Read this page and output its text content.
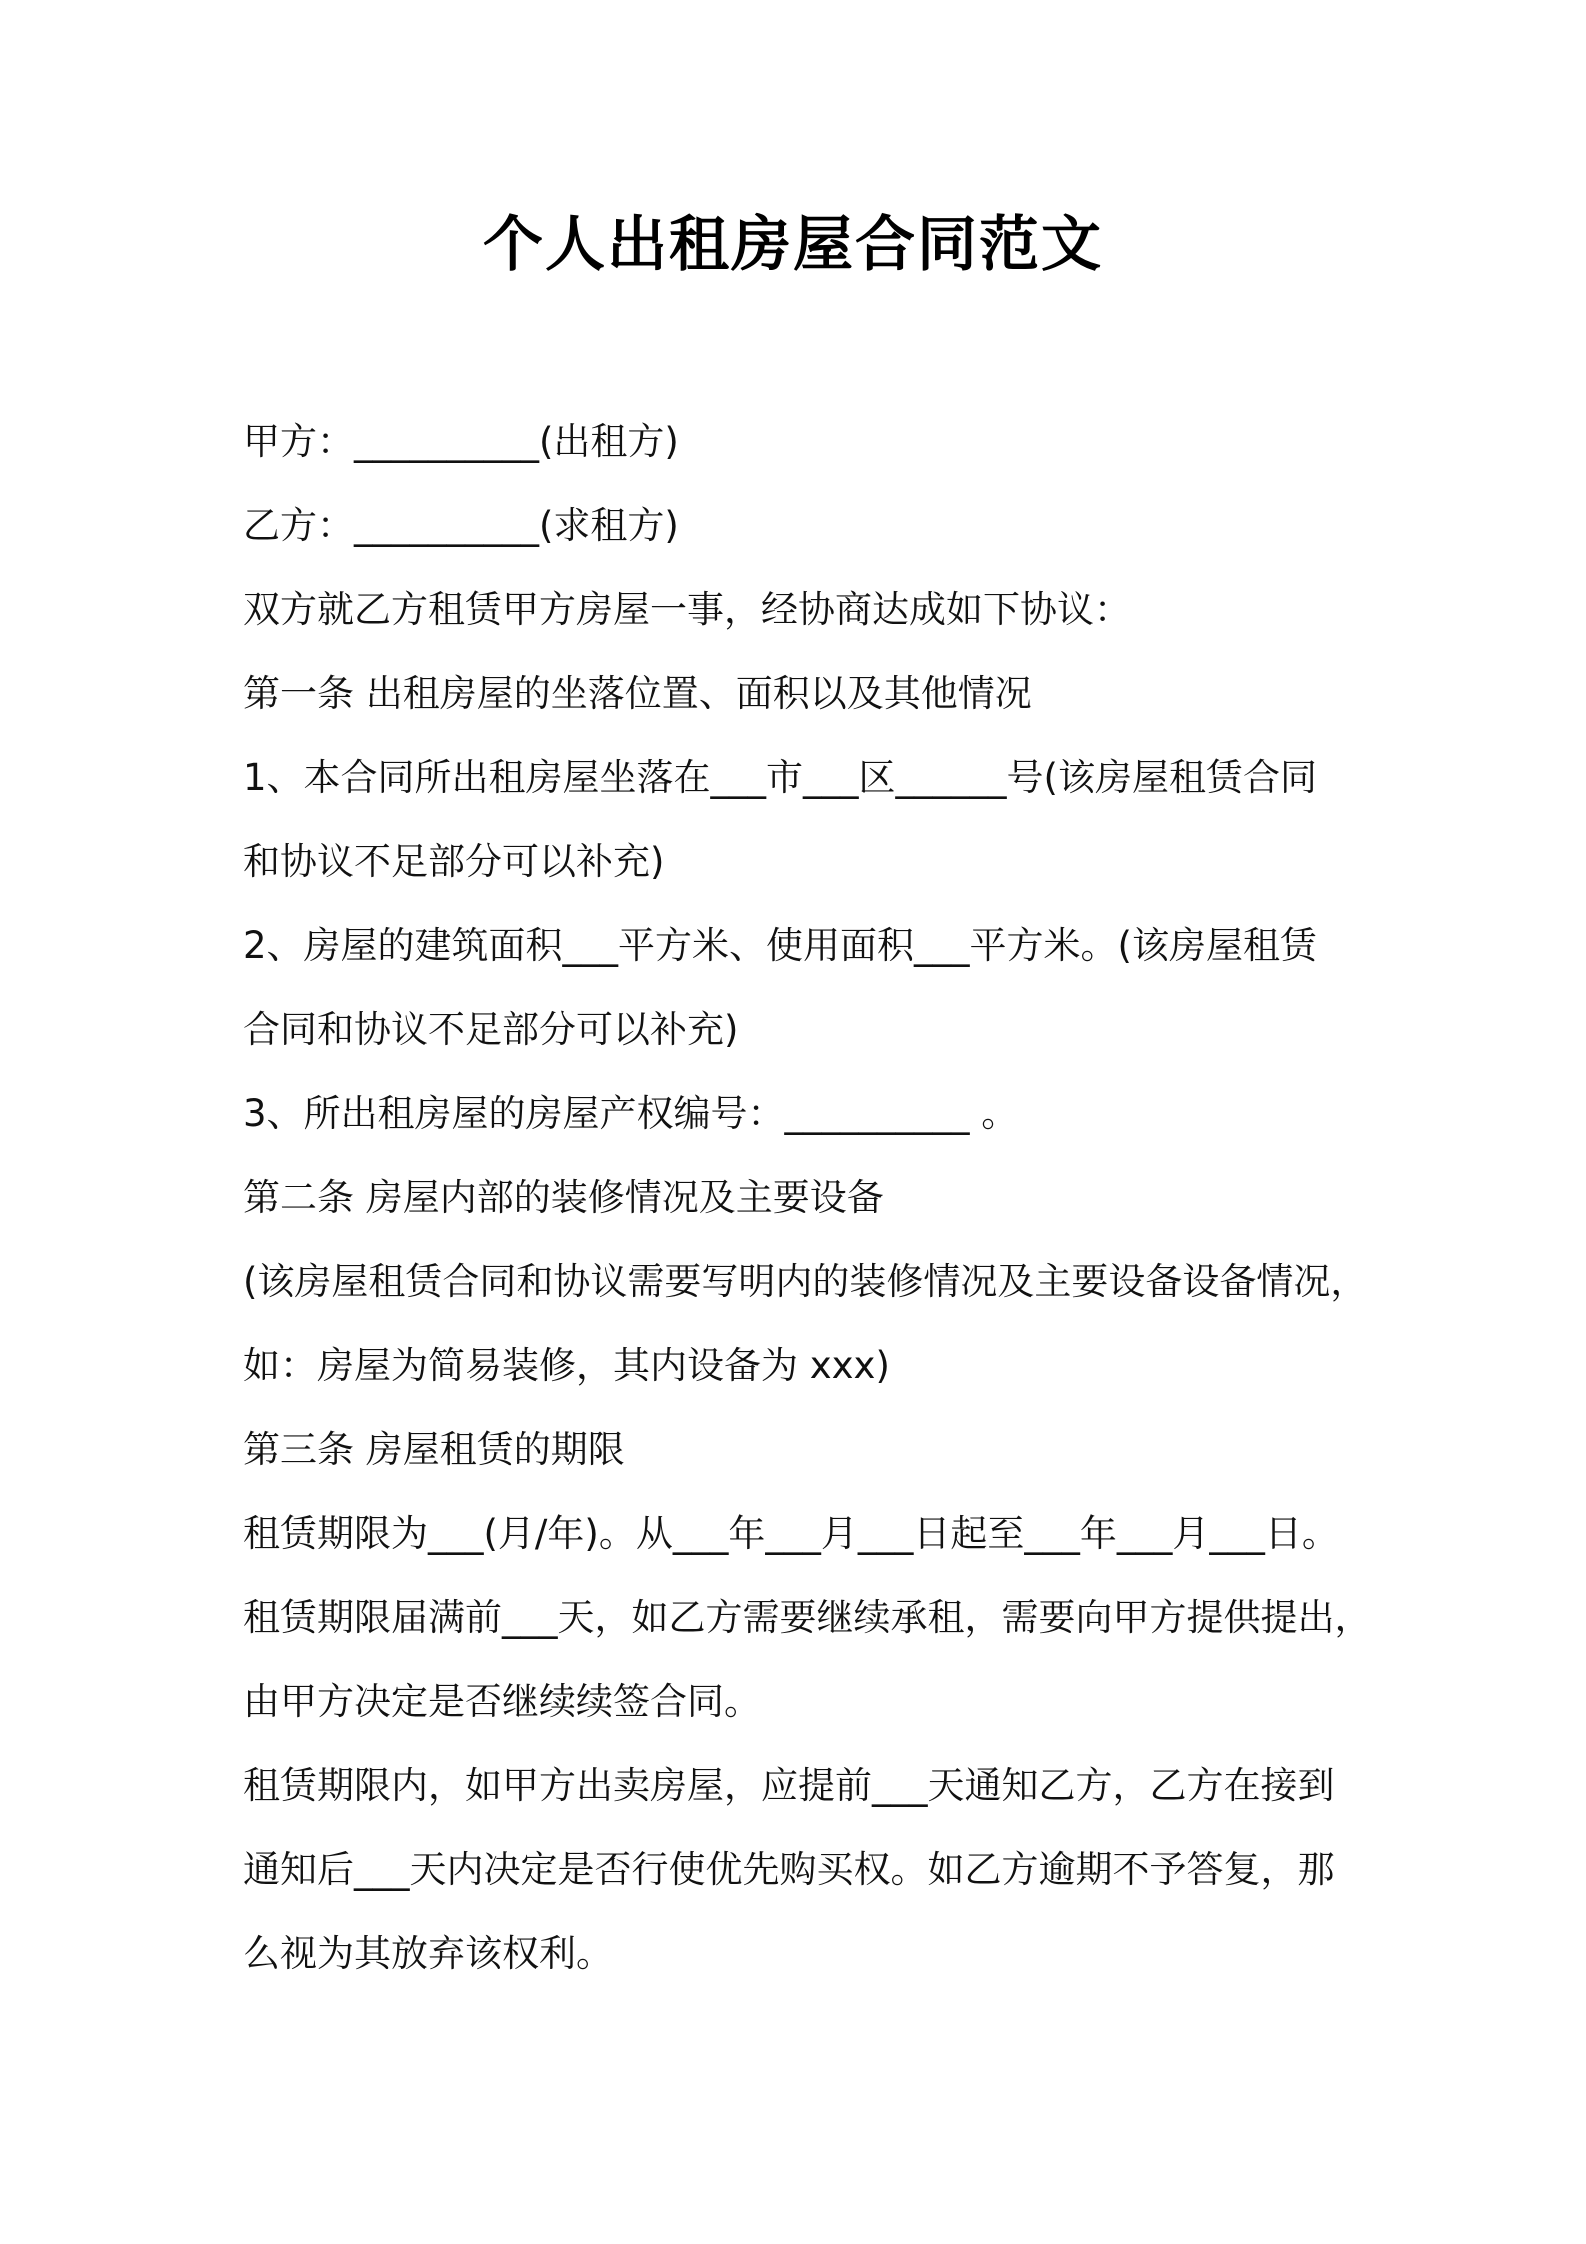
个人出租房屋合同范文
甲方：__________(出租方)
乙方：__________(求租方)
双方就乙方租赁甲方房屋一事，经协商达成如下协议：
第一条 出租房屋的坐落位置、面积以及其他情况
1、本合同所出租房屋坐落在___市___区______号(该房屋租赁合同
和协议不足部分可以补充)
2、房屋的建筑面积___平方米、使用面积___平方米。(该房屋租赁
合同和协议不足部分可以补充)
3、所出租房屋的房屋产权编号：__________ 。
第二条 房屋内部的装修情况及主要设备
(该房屋租赁合同和协议需要写明内的装修情况及主要设备设备情况，
如：房屋为简易装修，其内设备为 xxx)
第三条 房屋租赁的期限
租赁期限为___(月/年)。从___年___月___日起至___年___月___日。
租赁期限届满前___天，如乙方需要继续承租，需要向甲方提供提出，
由甲方决定是否继续续签合同。
租赁期限内，如甲方出卖房屋，应提前___天通知乙方，乙方在接到
通知后___天内决定是否行使优先购买权。如乙方逾期不予答复，那
么视为其放弃该权利。
